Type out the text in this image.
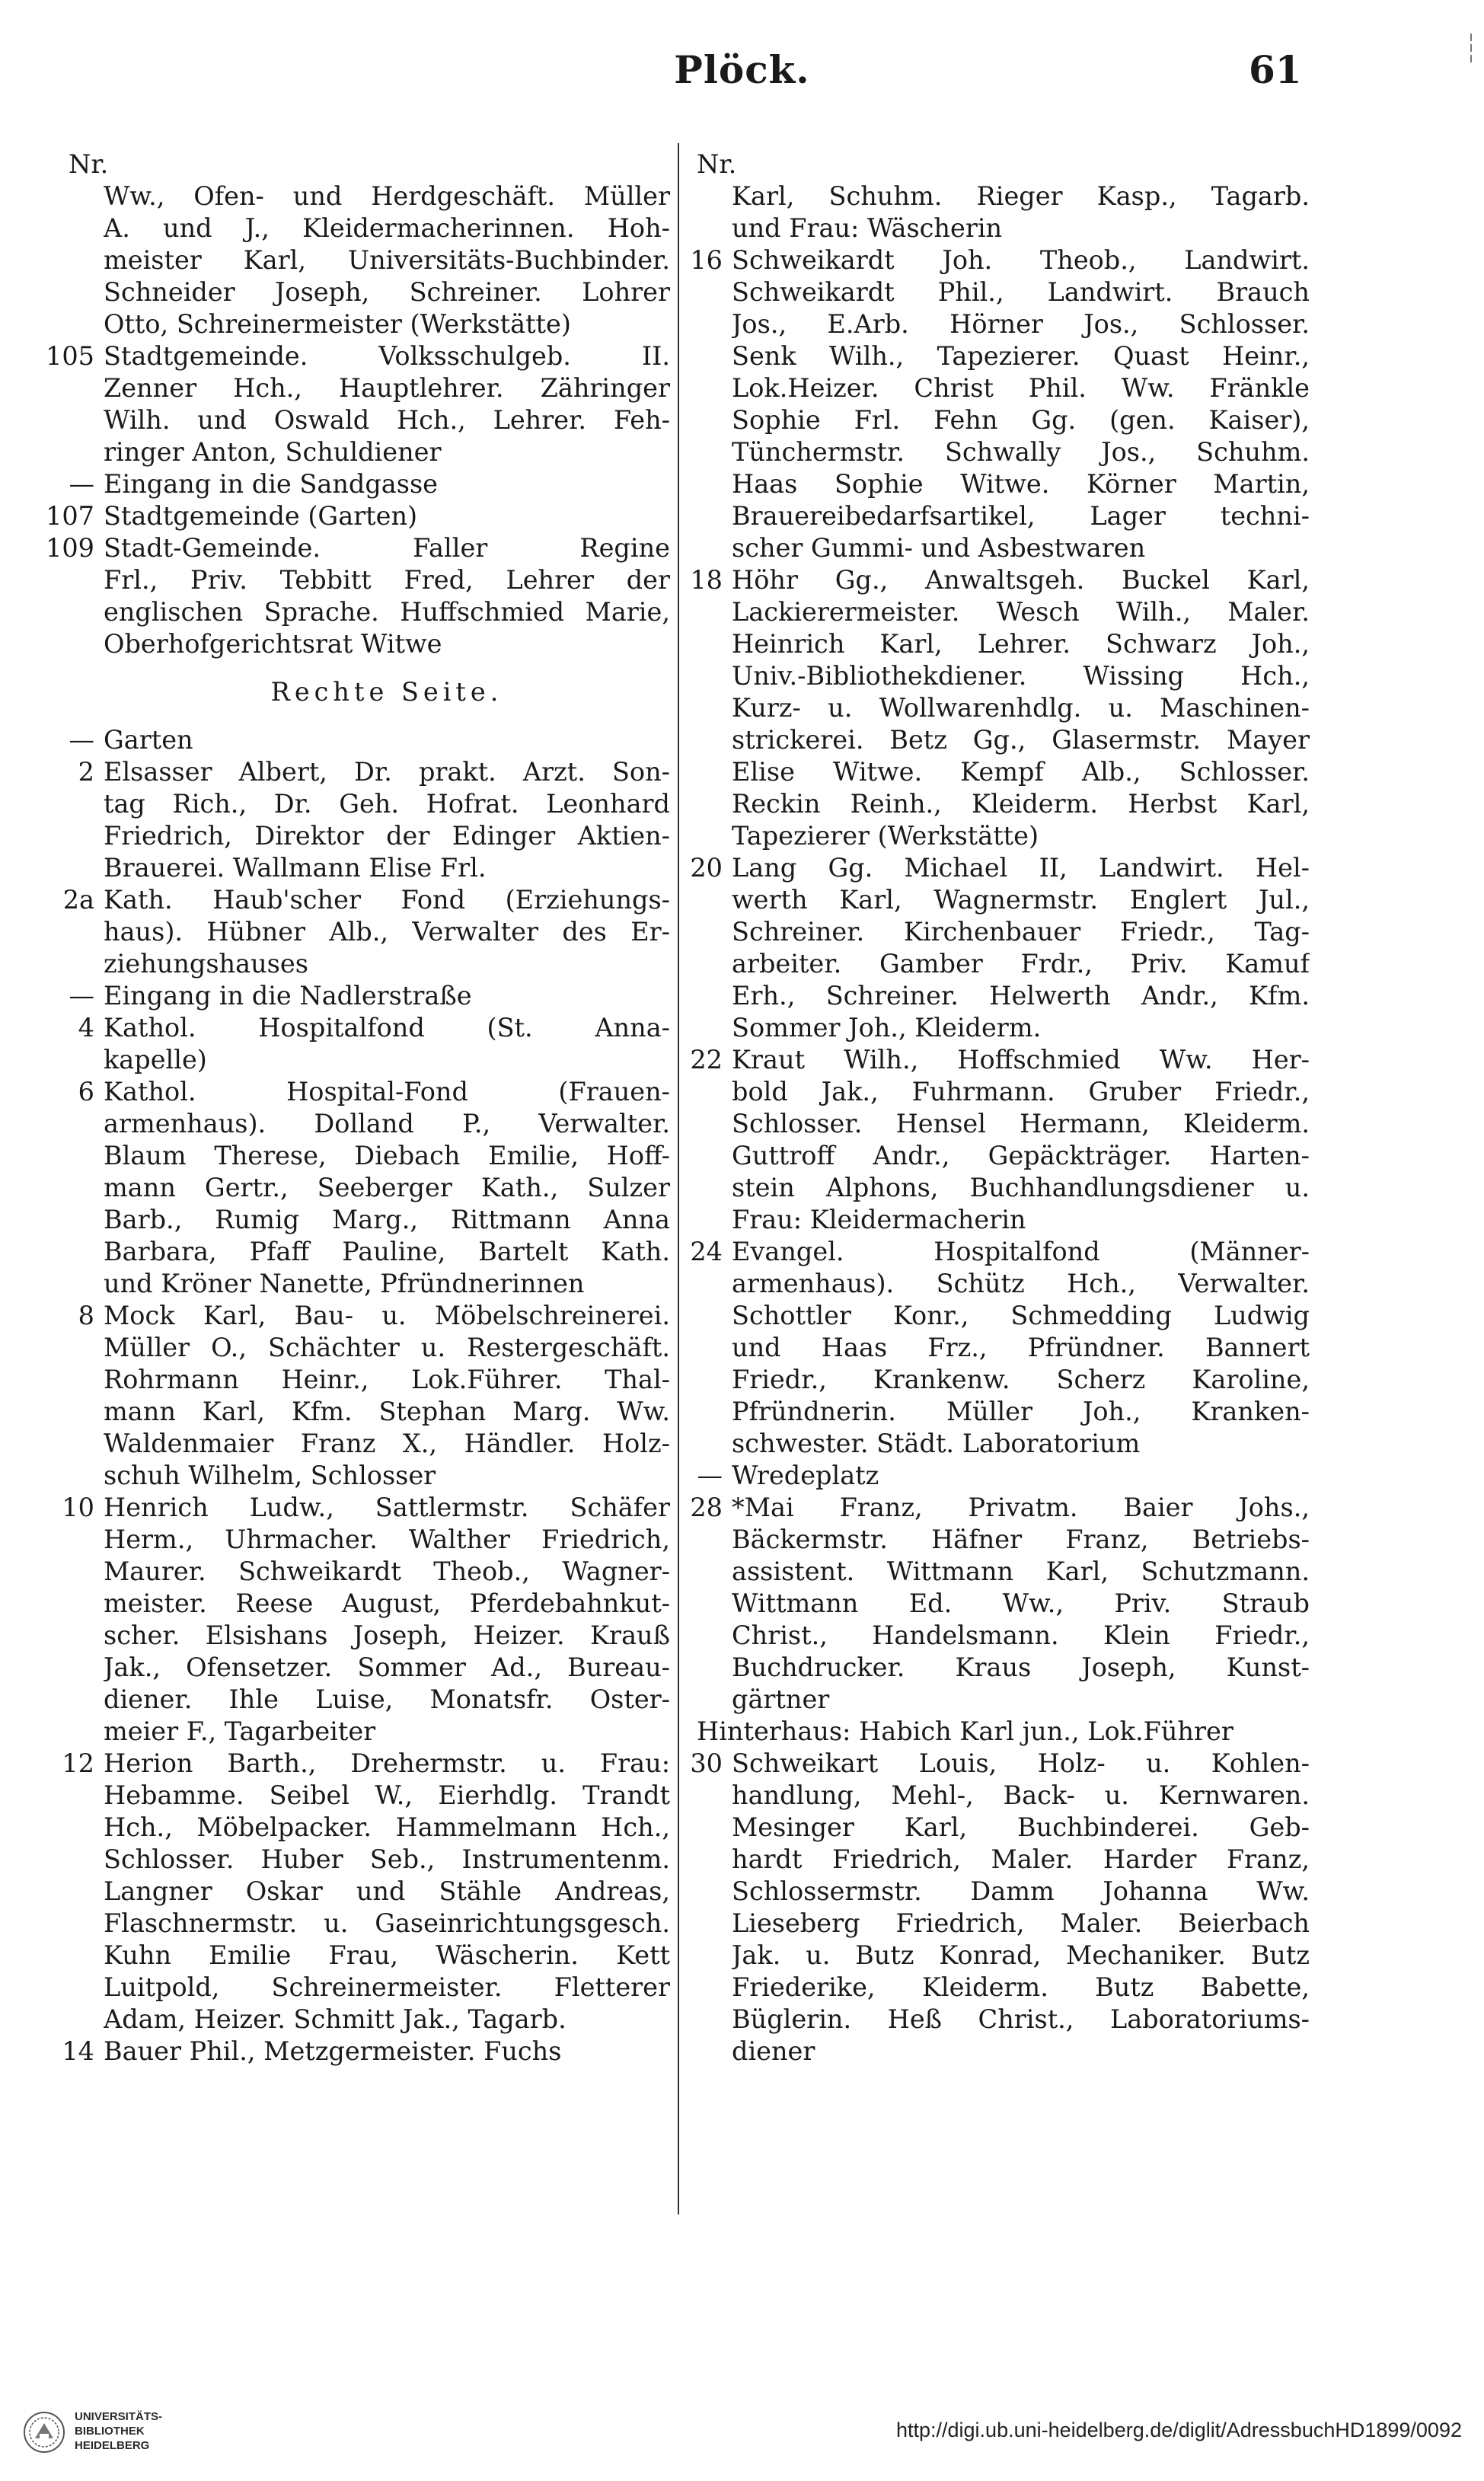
Plöck.	61
Nr.
Ww., Ofen- und Herdgeschäft. Müller
A. und J., Kleidermacherinnen. Hoh-
meister Karl, Universitäts-Buchbinder.
Schneider Joseph, Schreiner. Lohrer
Otto, Schreinermeister (Werkstätte)
105 Stadtgemeinde. Volksschulgeb. II.
Zenner Hch., Hauptlehrer. Zähringer
Wilh. und Oswald Hch., Lehrer. Feh-
ringer Anton, Schuldiener
— Eingang in die Sandgasse
107 Stadtgemeinde (Garten)
109 Stadt-Gemeinde. Faller Regine
Frl., Priv. Tebbitt Fred, Lehrer der
englischen Sprache. Huffschmied Marie,
Oberhofgerichtsrat Witwe
Rechte Seite.
— Garten
2 Elsasser Albert, Dr. prakt. Arzt. Son-
tag Rich., Dr. Geh. Hofrat. Leonhard
Friedrich, Direktor der Edinger Aktien-
Brauerei. Wallmann Elise Frl.
2a Kath. Haub'scher Fond (Erziehungs-
haus). Hübner Alb., Verwalter des Er-
ziehungshauses
— Eingang in die Nadlerstraße
4 Kathol. Hospitalfond (St. Anna-
kapelle)
6 Kathol. Hospital-Fond (Frauen-
armenhaus). Dolland P., Verwalter.
Blaum Therese, Diebach Emilie, Hoff-
mann Gertr., Seeberger Kath., Sulzer
Barb., Rumig Marg., Rittmann Anna
Barbara, Pfaff Pauline, Bartelt Kath.
und Kröner Nanette, Pfründnerinnen
8 Mock Karl, Bau- u. Möbelschreinerei.
Müller O., Schächter u. Restergeschäft.
Rohrmann Heinr., Lok.Führer. Thal-
mann Karl, Kfm. Stephan Marg. Ww.
Waldenmaier Franz X., Händler. Holz-
schuh Wilhelm, Schlosser
10 Henrich Ludw., Sattlermstr. Schäfer
Herm., Uhrmacher. Walther Friedrich,
Maurer. Schweikardt Theob., Wagner-
meister. Reese August, Pferdebahnkut-
scher. Elsishans Joseph, Heizer. Krauß
Jak., Ofensetzer. Sommer Ad., Bureau-
diener. Ihle Luise, Monatsfr. Oster-
meier F., Tagarbeiter
12 Herion Barth., Drehermstr. u. Frau:
Hebamme. Seibel W., Eierhdlg. Trandt
Hch., Möbelpacker. Hammelmann Hch.,
Schlosser. Huber Seb., Instrumentenm.
Langner Oskar und Stähle Andreas,
Flaschnermstr. u. Gaseinrichtungsgesch.
Kuhn Emilie Frau, Wäscherin. Kett
Luitpold, Schreinermeister. Fletterer
Adam, Heizer. Schmitt Jak., Tagarb.
14 Bauer Phil., Metzgermeister. Fuchs
Nr.
Karl, Schuhm. Rieger Kasp., Tagarb.
und Frau: Wäscherin
16 Schweikardt Joh. Theob., Landwirt.
Schweikardt Phil., Landwirt. Brauch
Jos., E.Arb. Hörner Jos., Schlosser.
Senk Wilh., Tapezierer. Quast Heinr.,
Lok.Heizer. Christ Phil. Ww. Fränkle
Sophie Frl. Fehn Gg. (gen. Kaiser),
Tünchermstr. Schwally Jos., Schuhm.
Haas Sophie Witwe. Körner Martin,
Brauereibedarfsartikel, Lager techni-
scher Gummi- und Asbestwaren
18 Höhr Gg., Anwaltsgeh. Buckel Karl,
Lackierermeister. Wesch Wilh., Maler.
Heinrich Karl, Lehrer. Schwarz Joh.,
Univ.-Bibliothekdiener. Wissing Hch.,
Kurz- u. Wollwarenhdlg. u. Maschinen-
strickerei. Betz Gg., Glasermstr. Mayer
Elise Witwe. Kempf Alb., Schlosser.
Reckin Reinh., Kleiderm. Herbst Karl,
Tapezierer (Werkstätte)
20 Lang Gg. Michael II, Landwirt. Hel-
werth Karl, Wagnermstr. Englert Jul.,
Schreiner. Kirchenbauer Friedr., Tag-
arbeiter. Gamber Frdr., Priv. Kamuf
Erh., Schreiner. Helwerth Andr., Kfm.
Sommer Joh., Kleiderm.
22 Kraut Wilh., Hoffschmied Ww. Her-
bold Jak., Fuhrmann. Gruber Friedr.,
Schlosser. Hensel Hermann, Kleiderm.
Guttroff Andr., Gepäckträger. Harten-
stein Alphons, Buchhandlungsdiener u.
Frau: Kleidermacherin
24 Evangel. Hospitalfond (Männer-
armenhaus). Schütz Hch., Verwalter.
Schottler Konr., Schmedding Ludwig
und Haas Frz., Pfründner. Bannert
Friedr., Krankenw. Scherz Karoline,
Pfründnerin. Müller Joh., Kranken-
schwester. Städt. Laboratorium
— Wredeplatz
28 *Mai Franz, Privatm. Baier Johs.,
Bäckermstr. Häfner Franz, Betriebs-
assistent. Wittmann Karl, Schutzmann.
Wittmann Ed. Ww., Priv. Straub
Christ., Handelsmann. Klein Friedr.,
Buchdrucker. Kraus Joseph, Kunst-
gärtner
Hinterhaus: Habich Karl jun., Lok.Führer
30 Schweikart Louis, Holz- u. Kohlen-
handlung, Mehl-, Back- u. Kernwaren.
Mesinger Karl, Buchbinderei. Geb-
hardt Friedrich, Maler. Harder Franz,
Schlossermstr. Damm Johanna Ww.
Lieseberg Friedrich, Maler. Beierbach
Jak. u. Butz Konrad, Mechaniker. Butz
Friederike, Kleiderm. Butz Babette,
Büglerin. Heß Christ., Laboratoriums-
diener
UNIVERSITÄTS-
BIBLIOTHEK
HEIDELBERG
http://digi.ub.uni-heidelberg.de/diglit/AdressbuchHD1899/0092
